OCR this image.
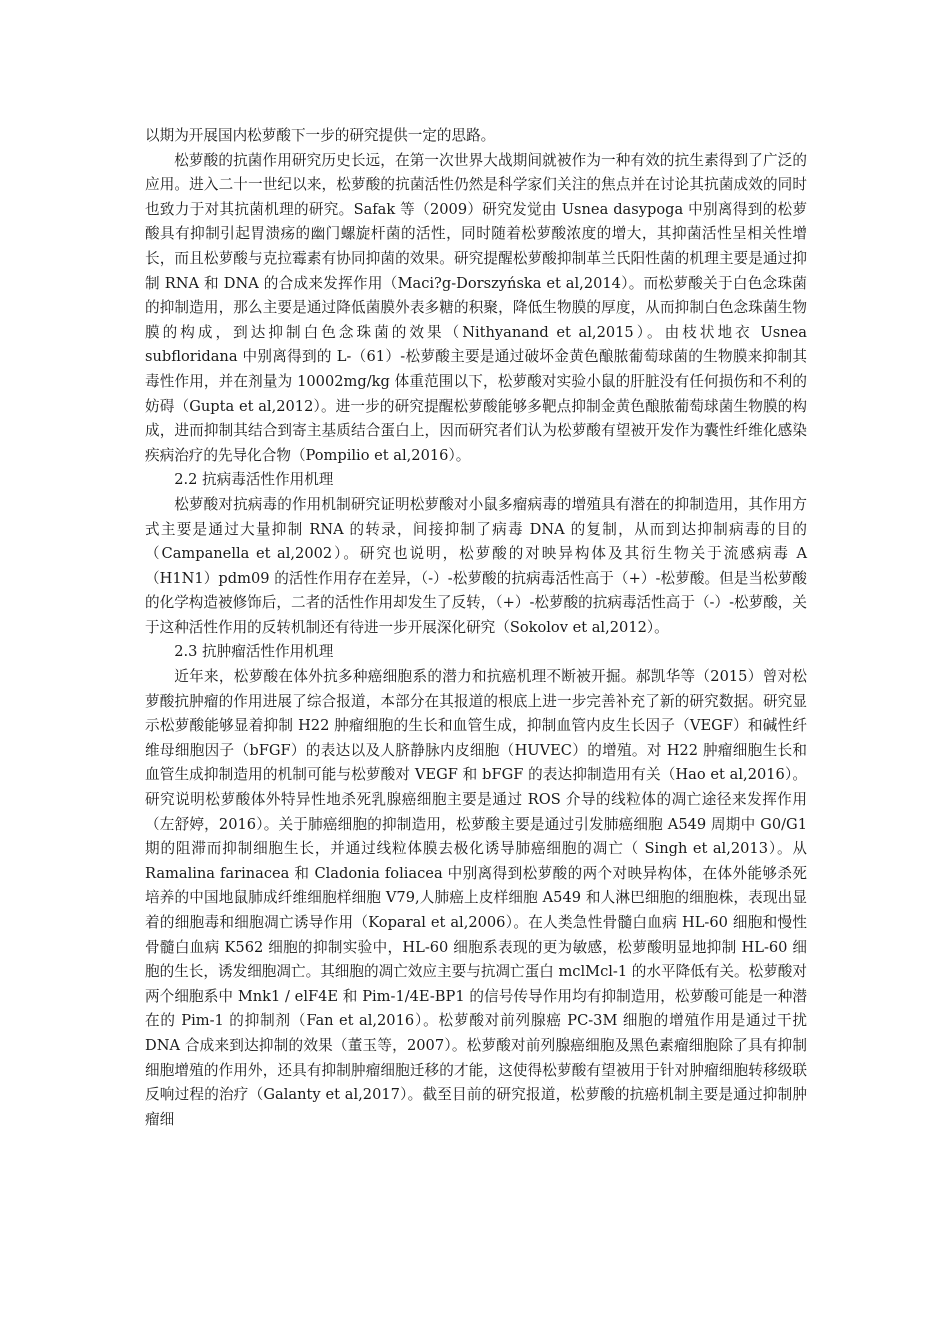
以期为开展国内松萝酸下一步的研究提供一定的思路。

松萝酸的抗菌作用研究历史长远，在第一次世界大战期间就被作为一种有效的抗生素得到了广泛的应用。进入二十一世纪以来，松萝酸的抗菌活性仍然是科学家们关注的焦点并在讨论其抗菌成效的同时也致力于对其抗菌机理的研究。Safak 等（2009）研究发觉由 Usnea dasypoga 中别离得到的松萝酸具有抑制引起胃溃疡的幽门螺旋杆菌的活性，同时随着松萝酸浓度的增大，其抑菌活性呈相关性增长，而且松萝酸与克拉霉素有协同抑菌的效果。研究提醒松萝酸抑制革兰氏阳性菌的机理主要是通过抑制 RNA 和 DNA 的合成来发挥作用（Maci?g-Dorszyńska et al,2014）。而松萝酸关于白色念珠菌的抑制造用，那么主要是通过降低菌膜外表多糖的积聚，降低生物膜的厚度，从而抑制白色念珠菌生物膜的构成，到达抑制白色念珠菌的效果（Nithyanand et al,2015）。由枝状地衣 Usnea subfloridana 中别离得到的 L-（61）-松萝酸主要是通过破坏金黄色酿脓葡萄球菌的生物膜来抑制其毒性作用，并在剂量为 10002mg/kg 体重范围以下，松萝酸对实验小鼠的肝脏没有任何损伤和不利的妨碍（Gupta et al,2012）。进一步的研究提醒松萝酸能够多靶点抑制金黄色酿脓葡萄球菌生物膜的构成，进而抑制其结合到寄主基质结合蛋白上，因而研究者们认为松萝酸有望被开发作为囊性纤维化感染疾病治疗的先导化合物（Pompilio et al,2016）。

2.2 抗病毒活性作用机理

松萝酸对抗病毒的作用机制研究证明松萝酸对小鼠多瘤病毒的增殖具有潜在的抑制造用，其作用方式主要是通过大量抑制 RNA 的转录，间接抑制了病毒 DNA 的复制，从而到达抑制病毒的目的（Campanella et al,2002）。研究也说明，松萝酸的对映异构体及其衍生物关于流感病毒 A（H1N1）pdm09 的活性作用存在差异，（-）-松萝酸的抗病毒活性高于（+）-松萝酸。但是当松萝酸的化学构造被修饰后，二者的活性作用却发生了反转，（+）-松萝酸的抗病毒活性高于（-）-松萝酸，关于这种活性作用的反转机制还有待进一步开展深化研究（Sokolov et al,2012）。

2.3 抗肿瘤活性作用机理

近年来，松萝酸在体外抗多种癌细胞系的潜力和抗癌机理不断被开掘。郝凯华等（2015）曾对松萝酸抗肿瘤的作用进展了综合报道，本部分在其报道的根底上进一步完善补充了新的研究数据。研究显示松萝酸能够显着抑制 H22 肿瘤细胞的生长和血管生成，抑制血管内皮生长因子（VEGF）和碱性纤维母细胞因子（bFGF）的表达以及人脐静脉内皮细胞（HUVEC）的增殖。对 H22 肿瘤细胞生长和血管生成抑制造用的机制可能与松萝酸对 VEGF 和 bFGF 的表达抑制造用有关（Hao et al,2016）。研究说明松萝酸体外特异性地杀死乳腺癌细胞主要是通过 ROS 介导的线粒体的凋亡途径来发挥作用（左舒婷，2016）。关于肺癌细胞的抑制造用，松萝酸主要是通过引发肺癌细胞 A549 周期中 G0/G1 期的阻滞而抑制细胞生长，并通过线粒体膜去极化诱导肺癌细胞的凋亡（ Singh et al,2013）。从 Ramalina farinacea 和 Cladonia foliacea 中别离得到松萝酸的两个对映异构体，在体外能够杀死培养的中国地鼠肺成纤维细胞样细胞 V79,人肺癌上皮样细胞 A549 和人淋巴细胞的细胞株，表现出显着的细胞毒和细胞凋亡诱导作用（Koparal et al,2006）。在人类急性骨髓白血病 HL-60 细胞和慢性骨髓白血病 K562 细胞的抑制实验中，HL-60 细胞系表现的更为敏感，松萝酸明显地抑制 HL-60 细胞的生长，诱发细胞凋亡。其细胞的凋亡效应主要与抗凋亡蛋白 mclMcl-1 的水平降低有关。松萝酸对两个细胞系中 Mnk1 / elF4E 和 Pim-1/4E-BP1 的信号传导作用均有抑制造用，松萝酸可能是一种潜在的 Pim-1 的抑制剂（Fan et al,2016）。松萝酸对前列腺癌 PC-3M 细胞的增殖作用是通过干扰 DNA 合成来到达抑制的效果（董玉等，2007）。松萝酸对前列腺癌细胞及黑色素瘤细胞除了具有抑制细胞增殖的作用外，还具有抑制肿瘤细胞迁移的才能，这使得松萝酸有望被用于针对肿瘤细胞转移级联反响过程的治疗（Galanty et al,2017）。截至目前的研究报道，松萝酸的抗癌机制主要是通过抑制肿瘤细
